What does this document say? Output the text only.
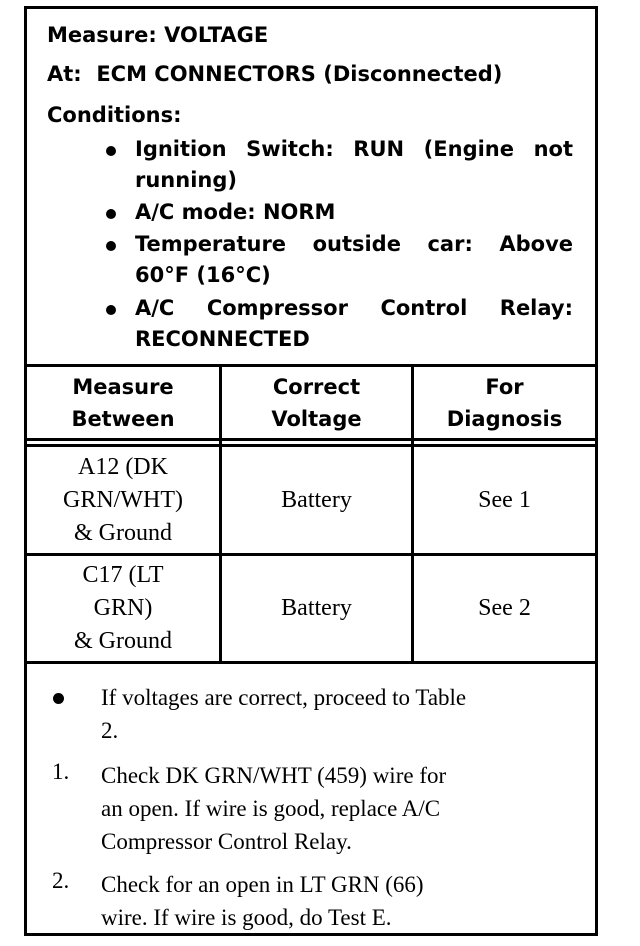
Measure: VOLTAGE
At: ECM CONNECTORS (Disconnected)
Conditions:
Ignition Switch: RUN (Engine not
running)
A/C mode: NORM
Temperature outside car: Above
60°F (16°C)
A/C Compressor Control Relay:
RECONNECTED
Measure
Between
Correct
Voltage
For
Diagnosis
A12 (DK
GRN/WHT)
& Ground
Battery	See 1
C17 (LT
GRN)
& Ground
Battery	See 2
If voltages are correct, proceed to Table
2.
1. Check DK GRN/WHT (459) wire for
an open. If wire is good, replace A/C
Compressor Control Relay.
2. Check for an open in LT GRN (66)
wire. If wire is good, do Test E.
